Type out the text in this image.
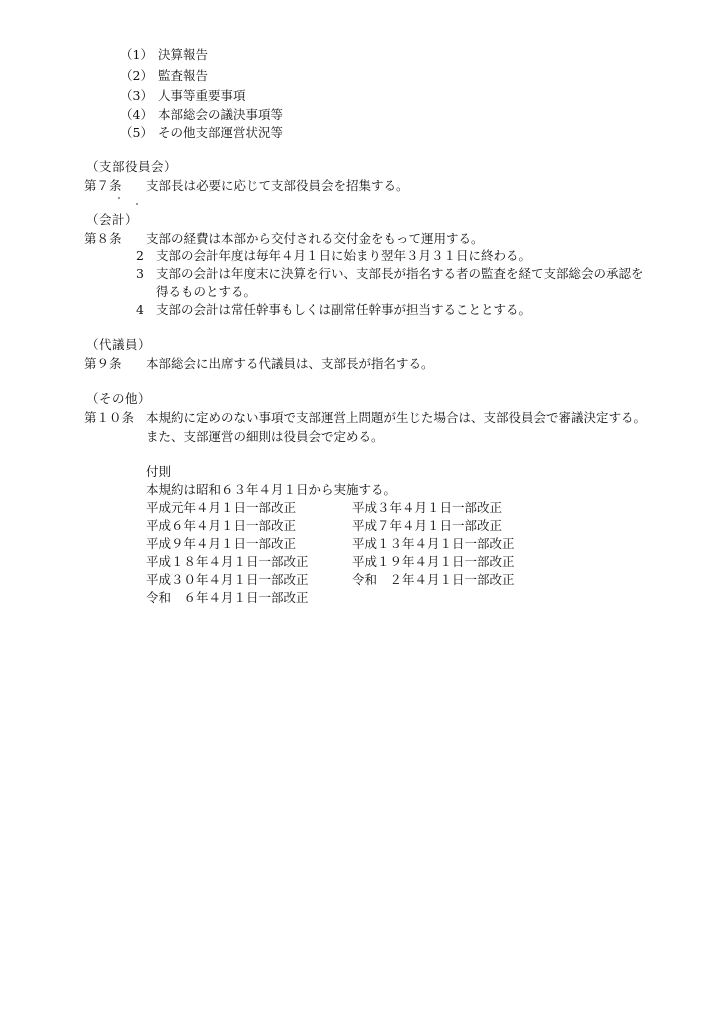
（1） 決算報告
（2） 監査報告
（3） 人事等重要事項
（4） 本部総会の議決事項等
（5） その他支部運営状況等
（支部役員会）
第７条 支部長は必要に応じて支部役員会を招集する。
（会計）
第８条 支部の経費は本部から交付される交付金をもって運用する。
2 支部の会計年度は毎年４月１日に始まり翌年３月３１日に終わる。
3 支部の会計は年度末に決算を行い、支部長が指名する者の監査を経て支部総会の承認を
得るものとする。
4 支部の会計は常任幹事もしくは副常任幹事が担当することとする。
（代議員）
第９条 本部総会に出席する代議員は、支部長が指名する。
（その他）
第１０条 本規約に定めのない事項で支部運営上問題が生じた場合は、支部役員会で審議決定する。
また、支部運営の細則は役員会で定める。
付則
本規約は昭和６３年４月１日から実施する。
平成元年４月１日一部改正
平成６年４月１日一部改正
平成９年４月１日一部改正
平成１８年４月１日一部改正
平成３０年４月１日一部改正
令和　６年４月１日一部改正
平成３年４月１日一部改正
平成７年４月１日一部改正
平成１３年４月１日一部改正
平成１９年４月１日一部改正
令和　２年４月１日一部改正
